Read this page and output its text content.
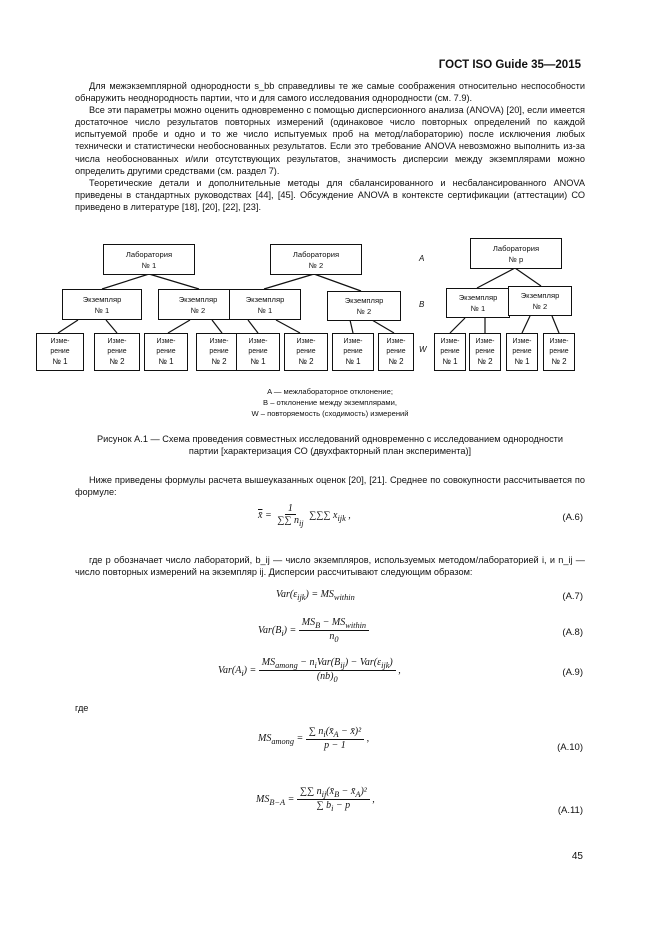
ГОСТ ISO Guide 35—2015

Для межэкземплярной однородности s_bb справедливы те же самые соображения относительно неспособности обнаружить неоднородность партии, что и для самого исследования однородности (см. 7.9).

Все эти параметры можно оценить одновременно с помощью дисперсионного анализа (ANOVA) [20], если имеется достаточное число результатов повторных измерений (одинаковое число повторных определений по каждой испытуемой пробе и одно и то же число испытуемых проб на метод/лабораторию) после исключения любых технически и статистически необоснованных результатов. Если это требование ANOVA невозможно выполнить из-за числа необоснованных и/или отсутствующих результатов, значимость дисперсии между экземплярами можно определить другими средствами (см. раздел 7).

Теоретические детали и дополнительные методы для сбалансированного и несбалансированного ANOVA приведены в стандартных руководствах [44], [45]. Обсуждение ANOVA в контексте сертификации (аттестации) СО приведено в литературе [18], [20], [22], [23].

Лаборатория
№ 1
Лаборатория
№ 2
Лаборатория
№ p
Экземпляр
№ 1
Экземпляр
№ 2
Экземпляр
№ 1
Экземпляр
№ 2
Экземпляр
№ 1
Экземпляр
№ 2
Изме-
рение
№ 1
Изме-
рение
№ 2
Изме-
рение
№ 1
Изме-
рение
№ 2
Изме-
рение
№ 1
Изме-
рение
№ 2
Изме-
рение
№ 1
Изме-
рение
№ 2
Изме-
рение
№ 1
Изме-
рение
№ 2
Изме-
рение
№ 1
Изме-
рение
№ 2
A
B
W
A — межлабораторное отклонение;
B – отклонение между экземплярами,
W – повторяемость (сходимость) измерений
Рисунок А.1 — Схема проведения совместных исследований одновременно с исследованием однородности партии [характеризация СО (двухфакторный план эксперимента)]

Ниже приведены формулы расчета вышеуказанных оценок [20], [21]. Среднее по совокупности рассчитывается по формуле:

$\overline{x}̄ = \frac{1}{\sum\sum n_{ij}}$ ∑∑∑ $x_{ijk}$ ,	(А.6)

где p обозначает число лабораторий, b_ij — число экземпляров, используемых методом/лабораторией i, и n_ij — число повторных измерений на экземпляр ij. Дисперсии рассчитывают следующим образом:

$Var(\varepsilon_{ijk}) = MS_{within}$	(А.7)
$Var(B_i) = \frac{MS_B - MS_{within}}{n_0}$	(А.8)
$Var(A_i) = \frac{MS_{among} - n_iVar(B_{ij}) - Var(\varepsilon_{ijk})}{(nb)_0}$ ,	(А.9)
где
$MS_{among} = \frac{\sum n_i(x̄_A - x̄)^2}{p - 1}$ ,
(А.10)
$MS_{B-A} = \frac{\sum\sum n_{ij}(x̄_B - x̄_A)^2}{\sum b_i - p}$ ,
(А.11)
45
